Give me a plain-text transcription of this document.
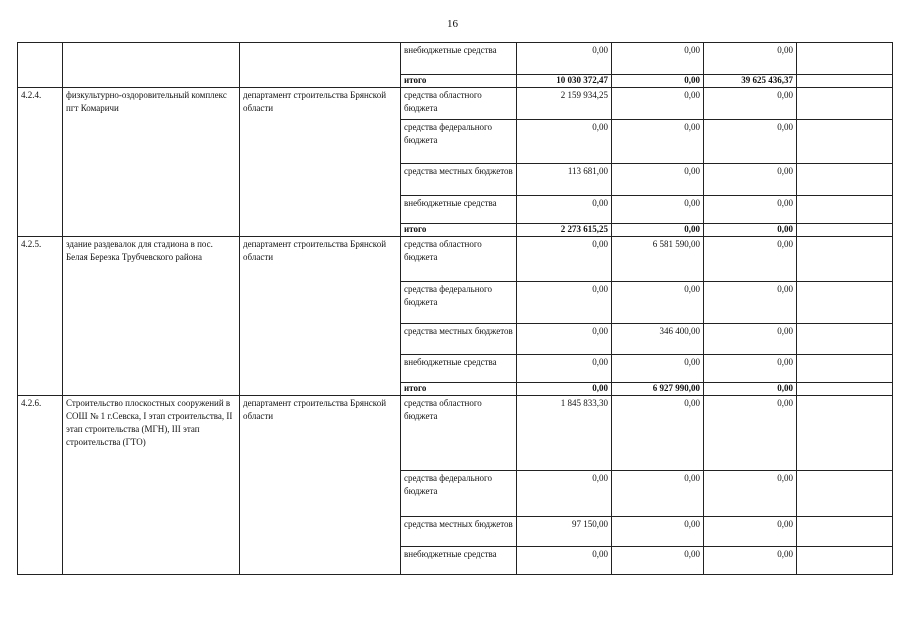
16
			внебюджетные средства	0,00	0,00	0,00	
			итого	10 030 372,47	0,00	39 625 436,37	
4.2.4.	физкультурно-оздоровительный комплекс пгт Комаричи	департамент строительства Брянской области	средства областного бюджета	2 159 934,25	0,00	0,00	
			средства федерального бюджета	0,00	0,00	0,00	
			средства местных бюджетов	113 681,00	0,00	0,00	
			внебюджетные средства	0,00	0,00	0,00	
			итого	2 273 615,25	0,00	0,00	
4.2.5.	здание раздевалок для стадиона в пос. Белая Березка Трубчевского района	департамент строительства Брянской области	средства областного бюджета	0,00	6 581 590,00	0,00	
			средства федерального бюджета	0,00	0,00	0,00	
			средства местных бюджетов	0,00	346 400,00	0,00	
			внебюджетные средства	0,00	0,00	0,00	
			итого	0,00	6 927 990,00	0,00	
4.2.6.	Строительство плоскостных сооружений в СОШ № 1 г.Севска, I этап строительства, II этап строительства (МГН), III этап строительства (ГТО)	департамент строительства Брянской области	средства областного бюджета	1 845 833,30	0,00	0,00	
			средства федерального бюджета	0,00	0,00	0,00	
			средства местных бюджетов	97 150,00	0,00	0,00	
			внебюджетные средства	0,00	0,00	0,00	
